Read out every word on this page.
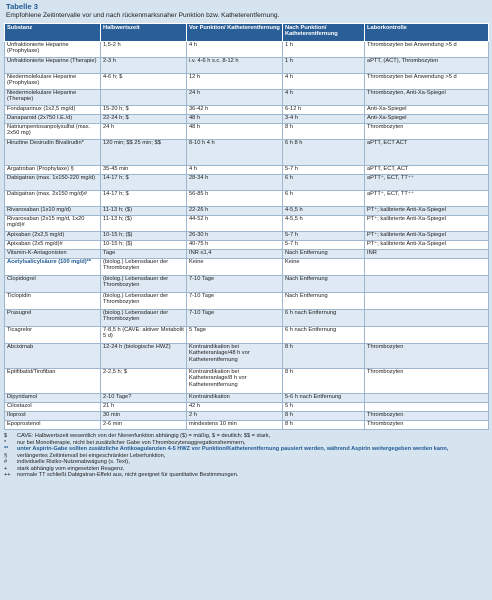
Tabelle 3
Empfohlene Zeitintervalle vor und nach rückenmarksnaher Punktion bzw. Katheterentfernung.
Substanz	Halbwertszeit	Vor Punktion/ Katheterentfernung	Nach Punktion/ Katheterentfernung	Laborkontrolle
Unfraktionierte Heparine (Prophylaxe)	1,5-2 h	4 h	1 h	Thrombozyten bei Anwendung >5 d
Unfraktionierte Heparine (Therapie)	2-3 h	i.v. 4-6 h s.c. 8-12 h	1 h	aPTT, (ACT), Thrombozyten
Niedermolekulare Heparine (Prophylaxe)	4-6 h; $	12 h	4 h	Thrombozyten bei Anwendung >5 d
Niedermolekulare Heparine (Therapie)		24 h	4 h	Thrombozyten, Anti-Xa-Spiegel
Fondaparinux (1x2,5 mg/d)	15-20 h; $	36-42 h	6-12 h	Anti-Xa-Spiegel
Danaparoid (2x750 I.E./d)	22-24 h; $	48 h	3-4 h	Anti-Xa-Spiegel
Natriumpentosanpolysulfat (max. 2x50 mg)	24 h	48 h	8 h	Thrombozyten
Hirudine Desirudin Bivalirudin*	120 min; $$ 25 min; $$	8-10 h 4 h	6 h 8 h	aPTT, ECT ACT
Argatroban (Prophylaxe) §	35-45 min	4 h	5-7 h	aPTT, ECT, ACT
Dabigatran (max. 1x150-220 mg/d)	14-17 h; $	28-34 h	6 h	aPTT⁺, ECT, TT⁺⁺
Dabigatran (max. 2x150 mg/d)#	14-17 h; $	56-85 h	6 h	aPTT⁺, ECT, TT⁺⁺
Rivaroxaban (1x10 mg/d)	11-13 h; ($)	22-26 h	4-5,5 h	PT⁺; kalibrierte Anti-Xa-Spiegel
Rivaroxaban (2x15 mg/d, 1x20 mg/d)#	11-13 h; ($)	44-52 h	4-5,5 h	PT⁺; kalibrierte Anti-Xa-Spiegel
Apixaban (2x2,5 mg/d)	10-15 h; ($)	26-30 h	5-7 h	PT⁺; kalibrierte Anti-Xa-Spiegel
Apixaban (2x5 mg/d)#	10-15 h; ($)	40-75 h	5-7 h	PT⁺; kalibrierte Anti-Xa-Spiegel
Vitamin-K-Antagonisten	Tage	INR ≤1,4	Nach Entfernung	INR
Acetylsalicylsäure (100 mg/d)**	(biolog.) Lebensdauer der Thrombozyten	Keine	Keine	
Clopidogrel	(biolog.) Lebensdauer der Thrombozyten	7-10 Tage	Nach Entfernung	
Ticlopidin	(biolog.) Lebensdauer der Thrombozyten	7-10 Tage	Nach Entfernung	
Prasugrel	(biolog.) Lebensdauer der Thrombozyten	7-10 Tage	6 h nach Entfernung	
Ticagrelor	7-8,5 h (CAVE: aktiver Metabolit 5 d)	5 Tage	6 h nach Entfernung	
Abciximab	12-24 h (biologische HWZ)	Kontraindikation bei Katheteranlage/48 h vor Katheterentfernung	8 h	Thrombozyten
Eptifibatid/Tirofiban	2-2,5 h; $	Kontraindikation bei Katheteranlage/8 h vor Katheterentfernung	8 h	Thrombozyten
Dipyridamol	2-10 Tage?	Kontraindikation	5-6 h nach Entfernung	
Cilostazol	21 h	42 h	5 h	
Iloprost	30 min	2 h	8 h	Thrombozyten
Epoprostenol	2-6 min	mindestens 10 min	8 h	Thrombozyten
$	CAVE: Halbwertszeit wesentlich von der Nierenfunktion abhängig ($) = mäßig, $ = deutlich; $$ = stark,
*	nur bei Monotherapie, nicht bei zusätzlicher Gabe von Thrombozytenaggregationshemmern,
**	unter Aspirin-Gabe sollten zusätzliche Antikoagulanzien 4-5 HWZ vor Punktion/Katheterentfernung pausiert werden, während Aspirin weitergegeben werden kann,
§	verlängertes Zeitintervall bei eingeschränkter Leberfunktion,
#	individuelle Risiko-Nutzenabwägung (s. Text),
+	stark abhängig vom eingesetzten Reagenz,
++	normale TT schließt Dabigatran-Effekt aus, nicht geeignet für quantitative Bestimmungen.
